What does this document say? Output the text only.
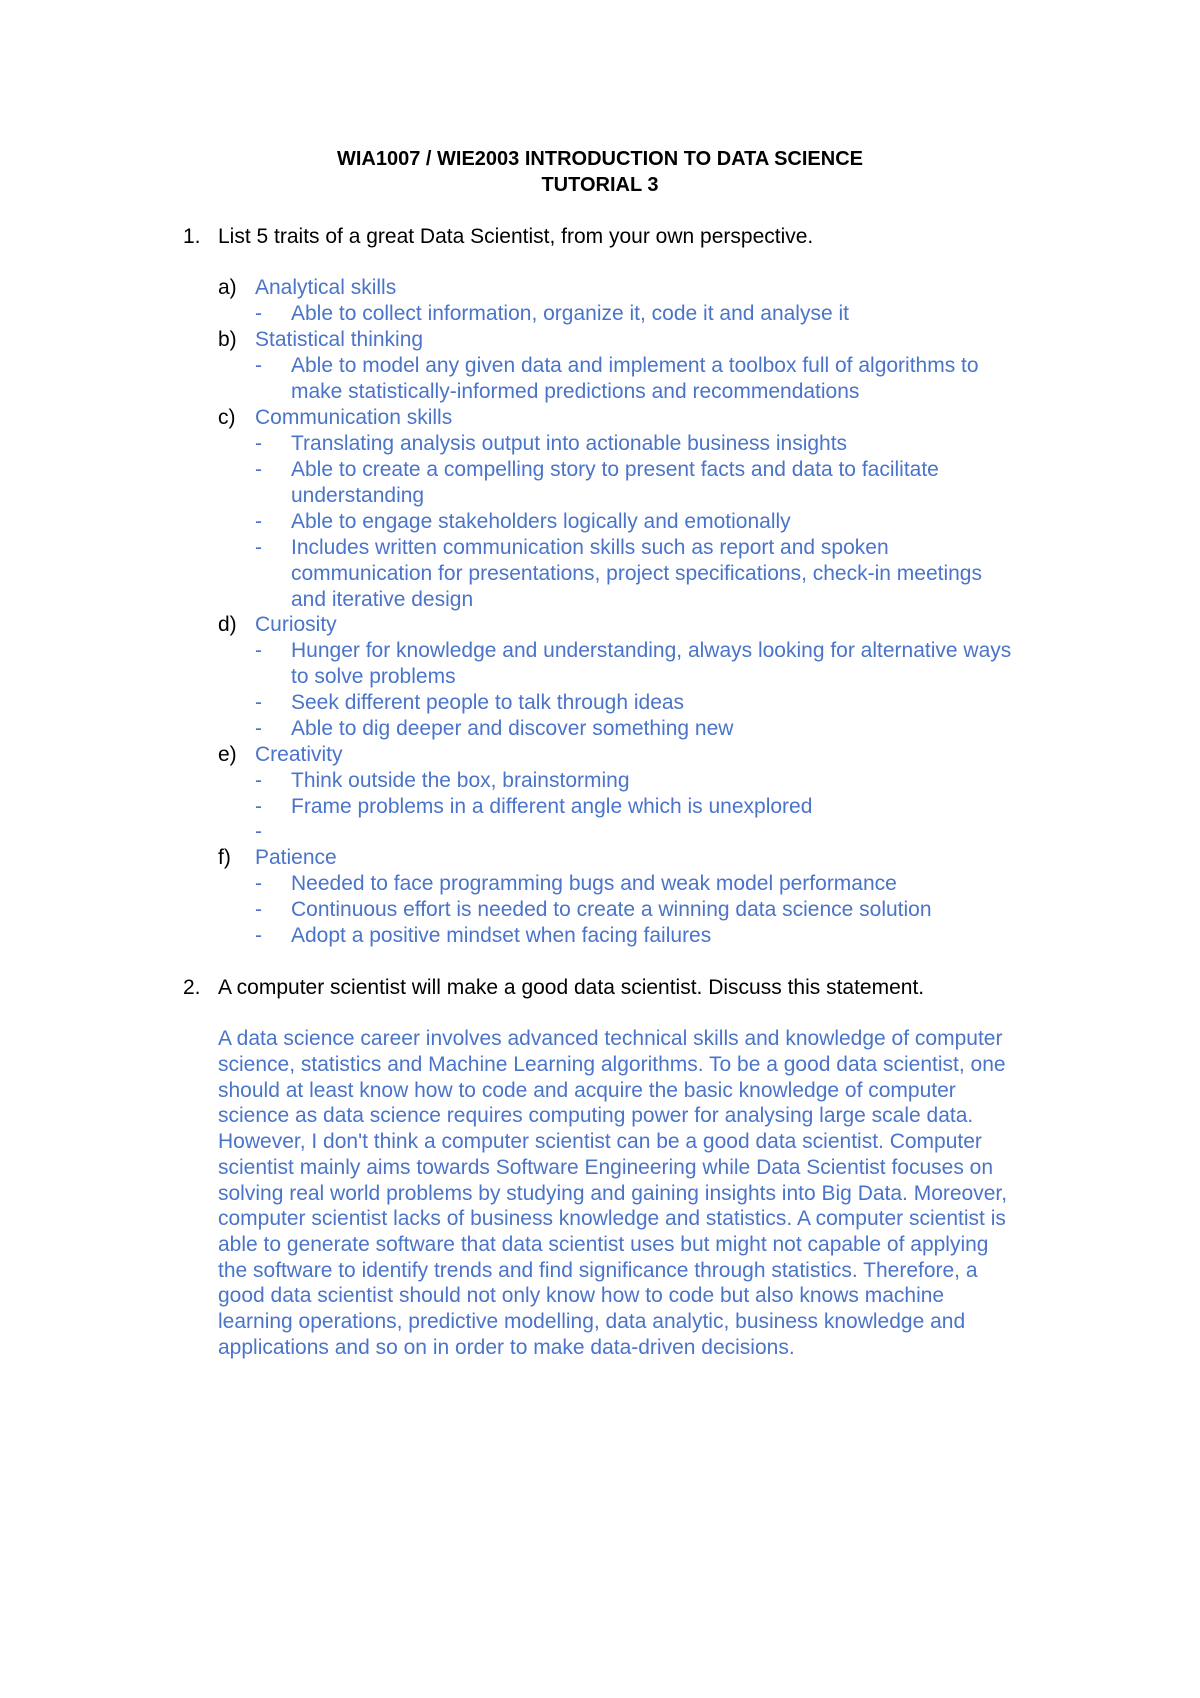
WIA1007 / WIE2003 INTRODUCTION TO DATA SCIENCE
TUTORIAL 3
1. List 5 traits of a great Data Scientist, from your own perspective.
a) Analytical skills
- Able to collect information, organize it, code it and analyse it
b) Statistical thinking
- Able to model any given data and implement a toolbox full of algorithms to
make statistically-informed predictions and recommendations
c) Communication skills
- Translating analysis output into actionable business insights
- Able to create a compelling story to present facts and data to facilitate
understanding
- Able to engage stakeholders logically and emotionally
- Includes written communication skills such as report and spoken
communication for presentations, project specifications, check-in meetings
and iterative design
d) Curiosity
- Hunger for knowledge and understanding, always looking for alternative ways
to solve problems
- Seek different people to talk through ideas
- Able to dig deeper and discover something new
e) Creativity
- Think outside the box, brainstorming
- Frame problems in a different angle which is unexplored
-
f) Patience
- Needed to face programming bugs and weak model performance
- Continuous effort is needed to create a winning data science solution
- Adopt a positive mindset when facing failures
2. A computer scientist will make a good data scientist. Discuss this statement.
A data science career involves advanced technical skills and knowledge of computer
science, statistics and Machine Learning algorithms. To be a good data scientist, one
should at least know how to code and acquire the basic knowledge of computer
science as data science requires computing power for analysing large scale data.
However, I don't think a computer scientist can be a good data scientist. Computer
scientist mainly aims towards Software Engineering while Data Scientist focuses on
solving real world problems by studying and gaining insights into Big Data. Moreover,
computer scientist lacks of business knowledge and statistics. A computer scientist is
able to generate software that data scientist uses but might not capable of applying
the software to identify trends and find significance through statistics. Therefore, a
good data scientist should not only know how to code but also knows machine
learning operations, predictive modelling, data analytic, business knowledge and
applications and so on in order to make data-driven decisions.
